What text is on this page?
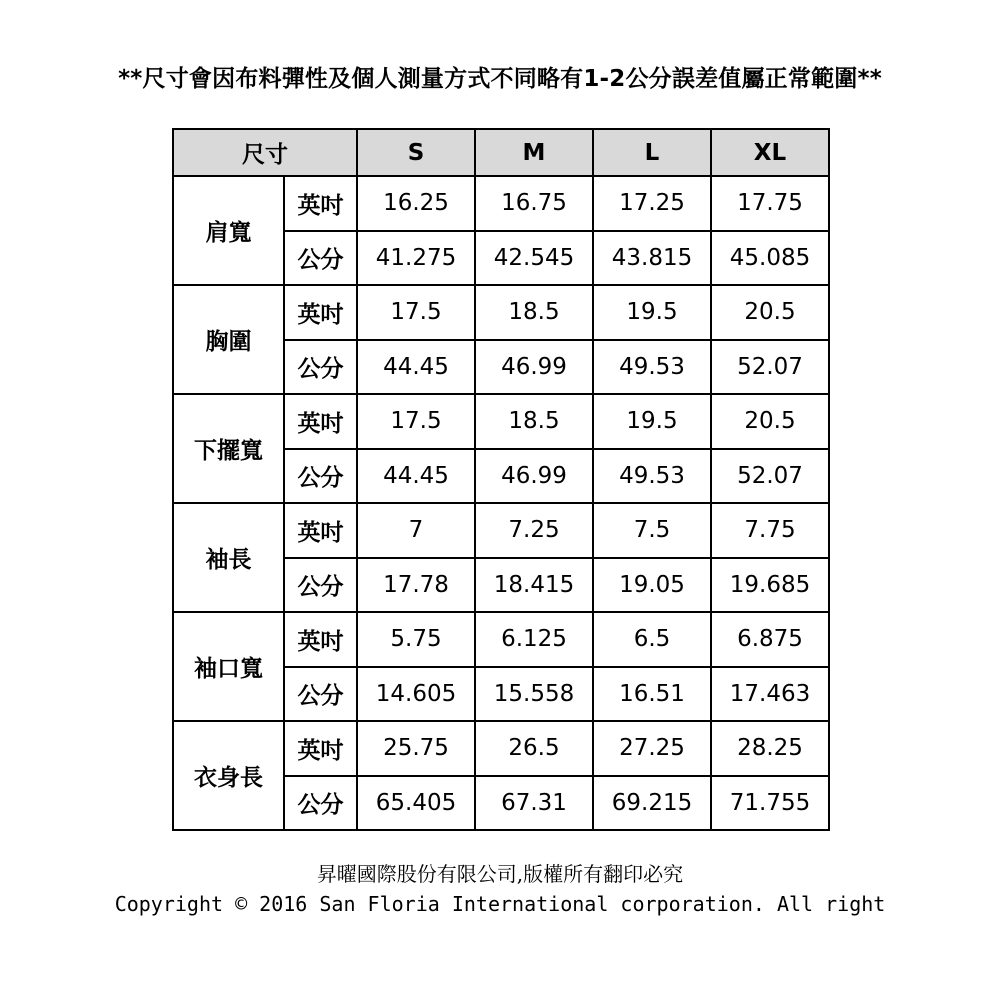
**尺寸會因布料彈性及個人測量方式不同略有1-2公分誤差值屬正常範圍**
尺寸		S	M	L	XL
肩寬	英吋	16.25	16.75	17.25	17.75
	公分	41.275	42.545	43.815	45.085
胸圍	英吋	17.5	18.5	19.5	20.5
	公分	44.45	46.99	49.53	52.07
下擺寬	英吋	17.5	18.5	19.5	20.5
	公分	44.45	46.99	49.53	52.07
袖長	英吋	7	7.25	7.5	7.75
	公分	17.78	18.415	19.05	19.685
袖口寬	英吋	5.75	6.125	6.5	6.875
	公分	14.605	15.558	16.51	17.463
衣身長	英吋	25.75	26.5	27.25	28.25
	公分	65.405	67.31	69.215	71.755
昇曜國際股份有限公司,版權所有翻印必究
Copyright © 2016 San Floria International corporation. All right
